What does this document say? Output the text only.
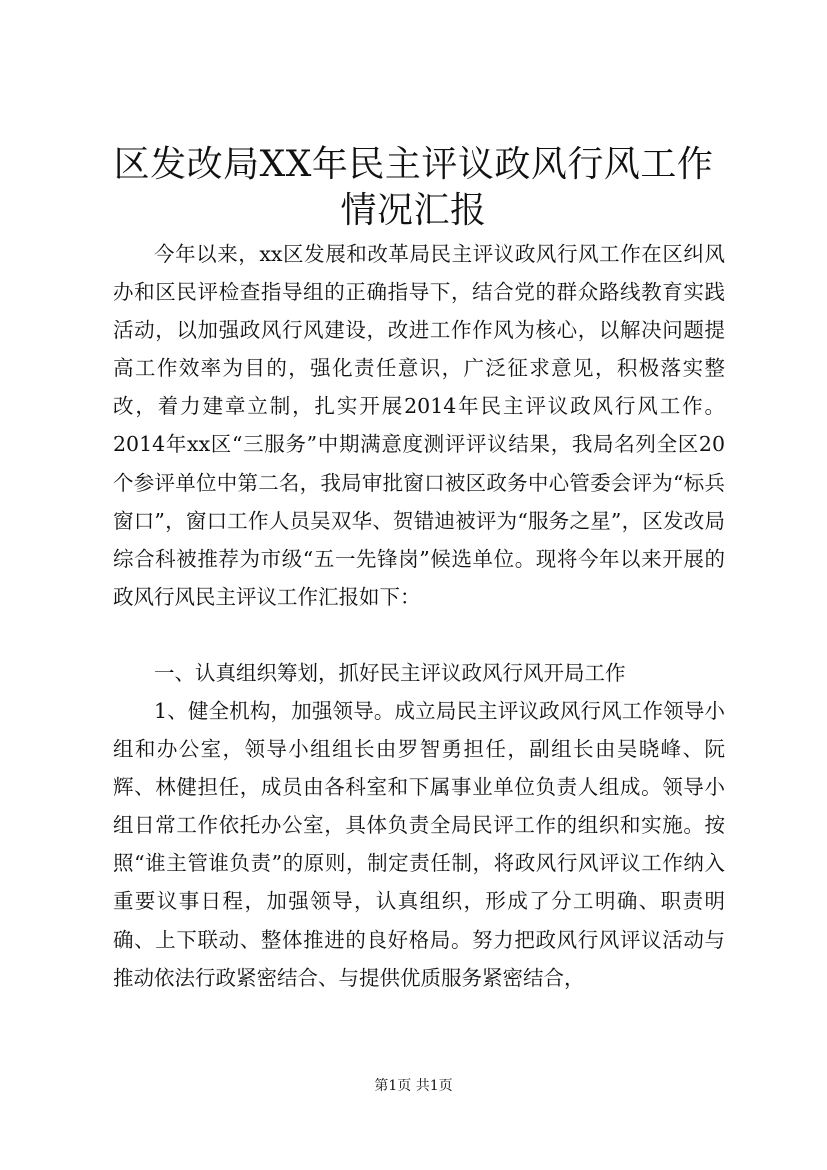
区发改局XX年民主评议政风行风工作情况汇报

今年以来，xx区发展和改革局民主评议政风行风工作在区纠风办和区民评检查指导组的正确指导下，结合党的群众路线教育实践活动，以加强政风行风建设，改进工作作风为核心，以解决问题提高工作效率为目的，强化责任意识，广泛征求意见，积极落实整改，着力建章立制，扎实开展2014年民主评议政风行风工作。2014年xx区“三服务”中期满意度测评评议结果，我局名列全区20个参评单位中第二名，我局审批窗口被区政务中心管委会评为“标兵窗口”，窗口工作人员吴双华、贺错迪被评为“服务之星”，区发改局综合科被推荐为市级“五一先锋岗”候选单位。现将今年以来开展的政风行风民主评议工作汇报如下：

一、认真组织筹划，抓好民主评议政风行风开局工作

1、健全机构，加强领导。成立局民主评议政风行风工作领导小组和办公室，领导小组组长由罗智勇担任，副组长由吴晓峰、阮辉、林健担任，成员由各科室和下属事业单位负责人组成。领导小组日常工作依托办公室，具体负责全局民评工作的组织和实施。按照“谁主管谁负责”的原则，制定责任制，将政风行风评议工作纳入重要议事日程，加强领导，认真组织，形成了分工明确、职责明确、上下联动、整体推进的良好格局。努力把政风行风评议活动与推动依法行政紧密结合、与提供优质服务紧密结合，

第1页 共1页
